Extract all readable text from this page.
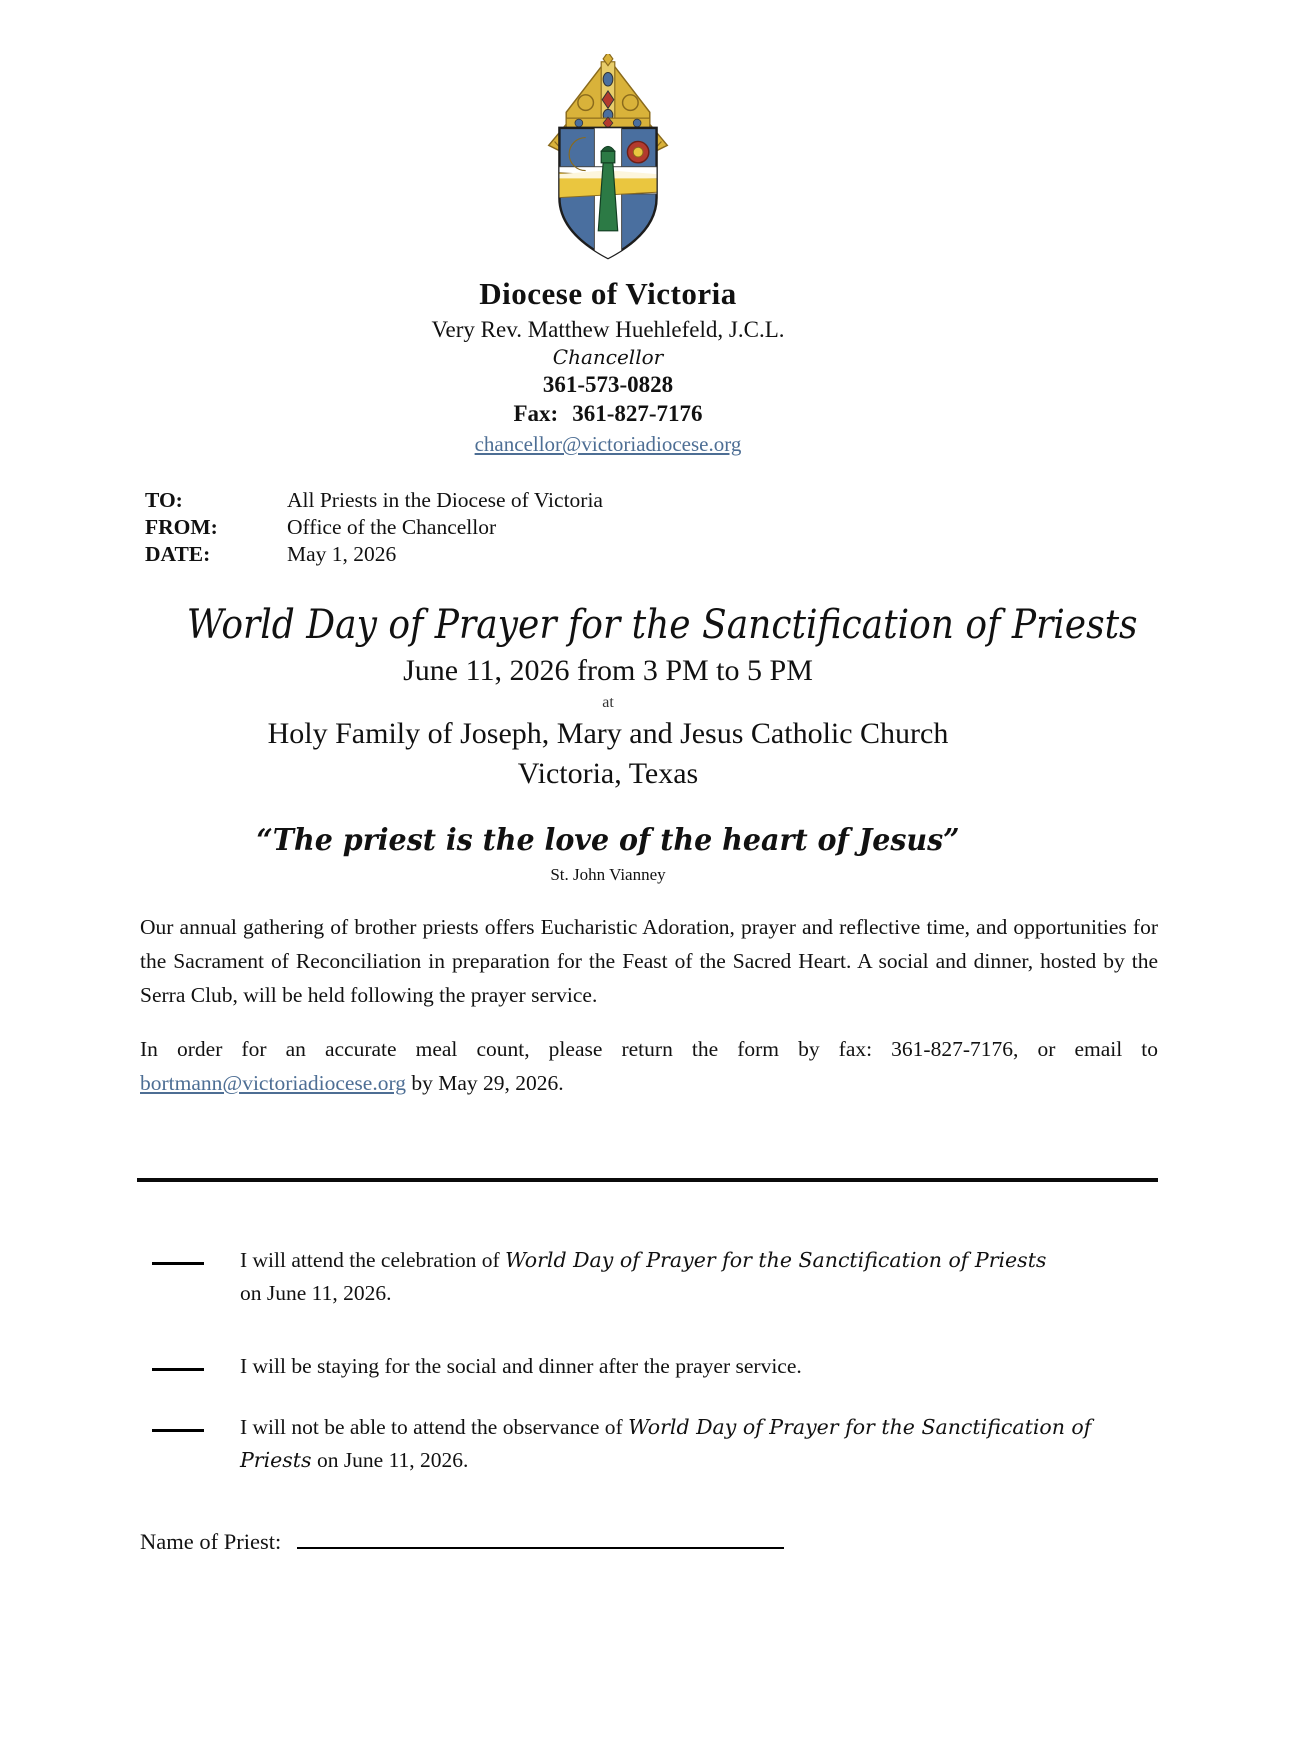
Diocese of Victoria
Very Rev. Matthew Huehlefeld, J.C.L.
Chancellor
361-573-0828
Fax: 361-827-7176
chancellor@victoriadiocese.org
TO:	All Priests in the Diocese of Victoria
FROM:	Office of the Chancellor
DATE:	May 1, 2026
World Day of Prayer for the Sanctification of Priests
June 11, 2026 from 3 PM to 5 PM
at
Holy Family of Joseph, Mary and Jesus Catholic Church
Victoria, Texas
“The priest is the love of the heart of Jesus”
St. John Vianney

Our annual gathering of brother priests offers Eucharistic Adoration, prayer and reflective time, and opportunities for the Sacrament of Reconciliation in preparation for the Feast of the Sacred Heart. A social and dinner, hosted by the Serra Club, will be held following the prayer service.

In order for an accurate meal count, please return the form by fax: 361-827-7176, or email to bortmann@victoriadiocese.org by May 29, 2026.

I will attend the celebration of World Day of Prayer for the Sanctification of Priests
on June 11, 2026.
I will be staying for the social and dinner after the prayer service.
I will not be able to attend the observance of World Day of Prayer for the Sanctification of Priests on June 11, 2026.
Name of Priest:
